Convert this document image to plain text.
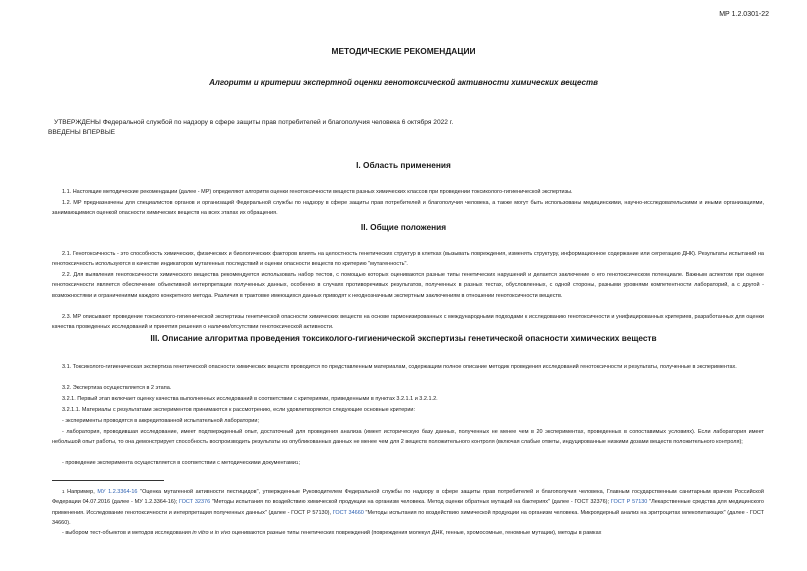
МР 1.2.0301-22
МЕТОДИЧЕСКИЕ РЕКОМЕНДАЦИИ
Алгоритм и критерии экспертной оценки генотоксической активности химических веществ
УТВЕРЖДЕНЫ Федеральной службой по надзору в сфере защиты прав потребителей и благополучия человека 6 октября 2022 г.
ВВЕДЕНЫ ВПЕРВЫЕ
I. Область применения
1.1. Настоящие методические рекомендации (далее - МР) определяют алгоритм оценки генотоксичности веществ разных химических классов при проведении токсиколого-гигиенической экспертизы.
1.2. МР предназначены для специалистов органов и организаций Федеральной службы по надзору в сфере защиты прав потребителей и благополучия человека, а также могут быть использованы медицинскими, научно-исследовательскими и иными организациями, занимающимися оценкой опасности химических веществ на всех этапах их обращения.
II. Общие положения
2.1. Генотоксичность - это способность химических, физических и биологических факторов влиять на целостность генетических структур в клетках (вызывать повреждения, изменять структуру, информационное содержание или сегрегацию ДНК). Результаты испытаний на генотоксичность используются в качестве индикаторов мутагенных последствий и оценки опасности веществ по критерию "мутагенность".
2.2. Для выявления генотоксичности химического вещества рекомендуется использовать набор тестов, с помощью которых оцениваются разные типы генетических нарушений и делается заключение о его генотоксическом потенциале. Важным аспектом при оценке генотоксичности является обеспечение объективной интерпретации полученных данных, особенно в случаях противоречивых результатов, полученных в разных тестах, обусловленных, с одной стороны, разными уровнями компетентности лабораторий, а с другой - возможностями и ограничениями каждого конкретного метода. Различия в трактовке имеющихся данных приводят к неоднозначным экспертным заключениям в отношении генотоксичности веществ.
2.3. МР описывают проведение токсиколого-гигиенической экспертизы генетической опасности химических веществ на основе гармонизированных с международными подходами к исследованию генотоксичности и унифицированных критериев, разработанных для оценки качества проведенных исследований и принятия решения о наличии/отсутствии генотоксической активности.
III. Описание алгоритма проведения токсиколого-гигиенической экспертизы генетической опасности химических веществ
3.1. Токсиколого-гигиеническая экспертиза генетической опасности химических веществ проводится по представленным материалам, содержащим полное описание методик проведения исследований генотоксичности и результаты, полученные в экспериментах.
3.2. Экспертиза осуществляется в 2 этапа.
3.2.1. Первый этап включает оценку качества выполненных исследований в соответствии с критериями, приведенными в пунктах 3.2.1.1 и 3.2.1.2.
3.2.1.1. Материалы с результатами экспериментов принимаются к рассмотрению, если удовлетворяются следующие основные критерии:
- эксперименты проводятся в аккредитованной испытательной лаборатории;
- лаборатория, проводившая исследование, имеет подтвержденный опыт, достаточный для проведения анализа (имеет историческую базу данных, полученных не менее чем в 20 экспериментах, проведенных в сопоставимых условиях). Если лаборатория имеет небольшой опыт работы, то она демонстрирует способность воспроизводить результаты из опубликованных данных не менее чем для 2 веществ положительного контроля (включая слабые ответы, индуцированные низкими дозами веществ положительного контроля);
- проведение эксперимента осуществляется в соответствии с методическими документами$^1$;
$^1$ Например, МУ 1.2.3364-16 "Оценка мутагенной активности пестицидов", утвержденные Руководителем Федеральной службы по надзору в сфере защиты прав потребителей и благополучия человека, Главным государственным санитарным врачом Российской Федерации 04.07.2016 (далее - МУ 1.2.3364-16); ГОСТ 32376 "Методы испытания по воздействию химической продукции на организм человека. Метод оценки обратных мутаций на бактериях" (далее - ГОСТ 32376); ГОСТ Р 57130 "Лекарственные средства для медицинского применения. Исследование генотоксичности и интерпретация полученных данных" (далее - ГОСТ Р 57130), ГОСТ 34660 "Методы испытания по воздействию химической продукции на организм человека. Микроядерный анализ на эритроцитах млекопитающих" (далее - ГОСТ 34660).
- выбором тест-объектов и методов исследования in vitro и in vivo оцениваются разные типы генетических повреждений (повреждения молекул ДНК, генные, хромосомные, геномные мутации), методы в рамках
